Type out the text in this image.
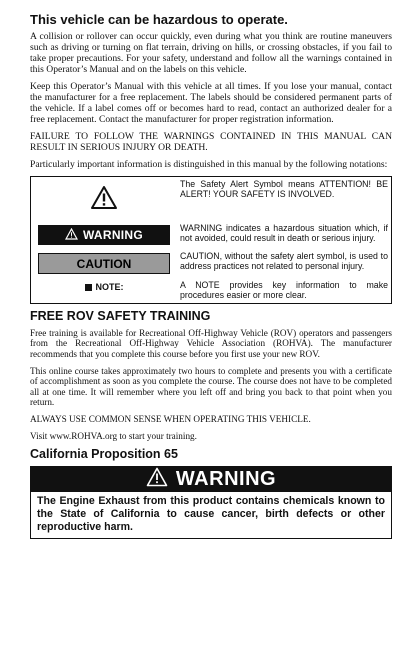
This vehicle can be hazardous to operate.

A collision or rollover can occur quickly, even during what you think are routine maneuvers such as driving or turning on flat terrain, driving on hills, or crossing obstacles, if you fail to take proper precautions. For your safety, understand and follow all the warnings contained in this Operator’s Manual and on the labels on this vehicle.

Keep this Operator’s Manual with this vehicle at all times. If you lose your manual, contact the manufacturer for a free replacement. The labels should be considered permanent parts of the vehicle. If a label comes off or becomes hard to read, contact an authorized dealer for a free replacement. Contact the manufacturer for proper registration information.

FAILURE TO FOLLOW THE WARNINGS CONTAINED IN THIS MANUAL CAN RESULT IN SERIOUS INJURY OR DEATH.

Particularly important information is distinguished in this manual by the following notations:

	The Safety Alert Symbol means ATTENTION! BE ALERT! YOUR SAFETY IS INVOLVED.

WARNING	WARNING indicates a hazardous situation which, if not avoided, could result in death or serious injury.

CAUTION	CAUTION, without the safety alert symbol, is used to address practices not related to personal injury.

NOTE:	A NOTE provides key information to make procedures easier or more clear.
FREE ROV SAFETY TRAINING

Free training is available for Recreational Off-Highway Vehicle (ROV) operators and passengers from the Recreational Off-Highway Vehicle Association (ROHVA). The manufacturer recommends that you complete this course before you first use your new ROV.

This online course takes approximately two hours to complete and presents you with a certificate of accomplishment as soon as you complete the course. The course does not have to be completed all at one time. It will remember where you left off and bring you back to that point when you return.

ALWAYS USE COMMON SENSE WHEN OPERATING THIS VEHICLE.

Visit www.ROHVA.org to start your training.

California Proposition 65
WARNING
The Engine Exhaust from this product contains chemicals known to the State of California to cause cancer, birth defects or other reproductive harm.
